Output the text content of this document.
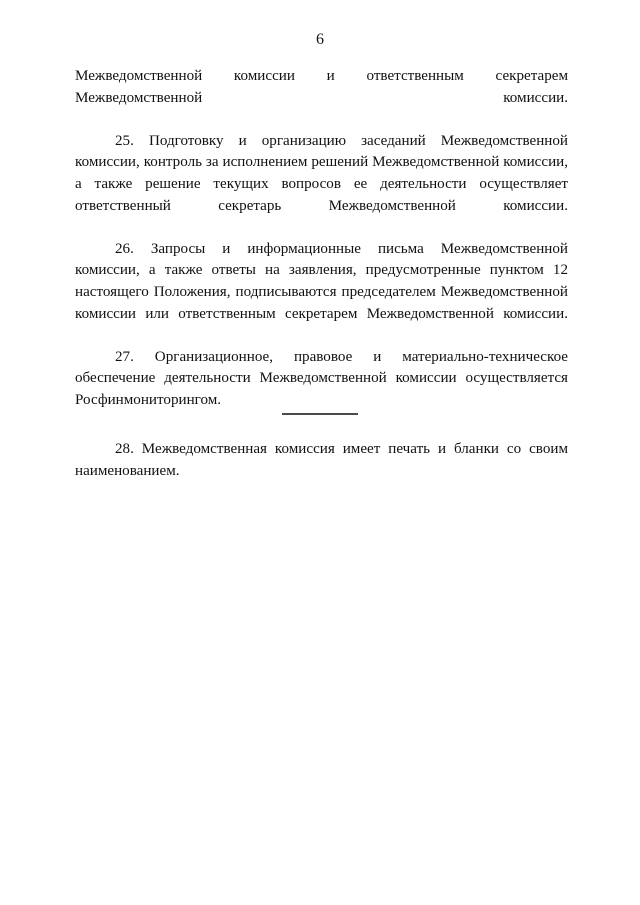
6

Межведомственной комиссии и ответственным секретарем Межведомственной комиссии.

25. Подготовку и организацию заседаний Межведомственной комиссии, контроль за исполнением решений Межведомственной комиссии, а также решение текущих вопросов ее деятельности осуществляет ответственный секретарь Межведомственной комиссии.

26. Запросы и информационные письма Межведомственной комиссии, а также ответы на заявления, предусмотренные пунктом 12 настоящего Положения, подписываются председателем Межведомственной комиссии или ответственным секретарем Межведомственной комиссии.

27. Организационное, правовое и материально-техническое обеспечение деятельности Межведомственной комиссии осуществляется Росфинмониторингом.

28. Межведомственная комиссия имеет печать и бланки со своим наименованием.
